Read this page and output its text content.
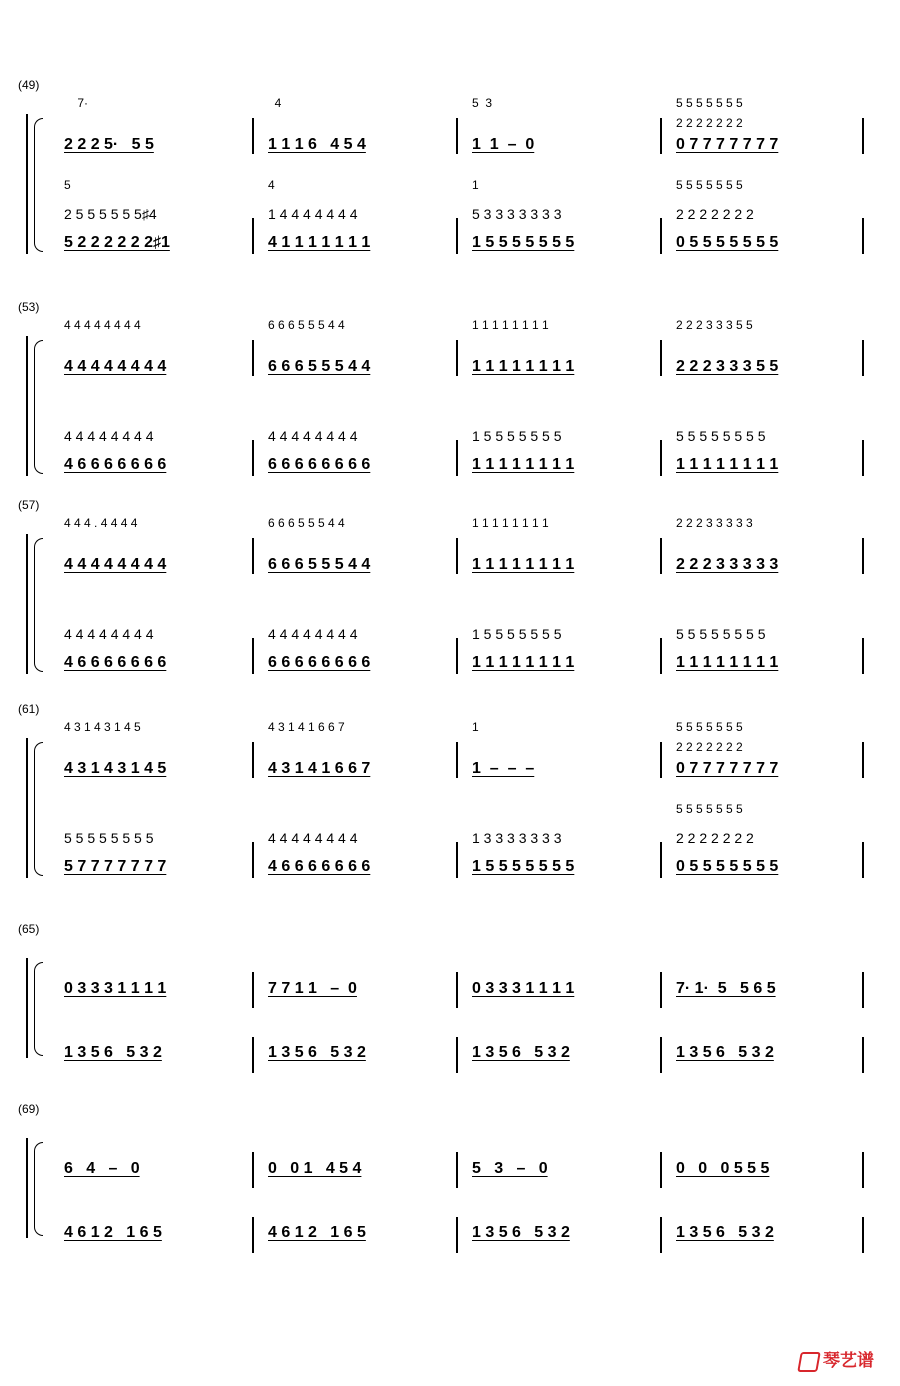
(49)
7·	4	5  3	5 5 5 5 5 5 5
2 2 2 2 2 2 2
2 2 2 5·   5 5	1 1 1 6   4 5 4	1  1  –  0	0 7 7 7 7 7 7 7
5	4	1	5 5 5 5 5 5 5
2 5 5 5 5 5 5♯4	1 4 4 4 4 4 4 4	5 3 3 3 3 3 3 3	2 2 2 2 2 2 2
5 2 2 2 2 2 2♯1	4 1 1 1 1 1 1 1	1 5 5 5 5 5 5 5	0 5 5 5 5 5 5 5
(53)
4 4 4 4 4 4 4 4	6 6 6 5 5 5 4 4	1 1 1 1 1 1 1 1	2 2 2 3 3 3 5 5
4 4 4 4 4 4 4 4	6 6 6 5 5 5 4 4	1 1 1 1 1 1 1 1	2 2 2 3 3 3 5 5
4 4 4 4 4 4 4 4	4 4 4 4 4 4 4 4	1 5 5 5 5 5 5 5	5 5 5 5 5 5 5 5
4 6 6 6 6 6 6 6	6 6 6 6 6 6 6 6	1 1 1 1 1 1 1 1	1 1 1 1 1 1 1 1
(57)
4 4 4 . 4 4 4 4	6 6 6 5 5 5 4 4	1 1 1 1 1 1 1 1	2 2 2 3 3 3 3 3
4 4 4 4 4 4 4 4	6 6 6 5 5 5 4 4	1 1 1 1 1 1 1 1	2 2 2 3 3 3 3 3
4 4 4 4 4 4 4 4	4 4 4 4 4 4 4 4	1 5 5 5 5 5 5 5	5 5 5 5 5 5 5 5
4 6 6 6 6 6 6 6	6 6 6 6 6 6 6 6	1 1 1 1 1 1 1 1	1 1 1 1 1 1 1 1
(61)
4 3 1 4 3 1 4 5	4 3 1 4 1 6 6 7	1	5 5 5 5 5 5 5
2 2 2 2 2 2 2
4 3 1 4 3 1 4 5	4 3 1 4 1 6 6 7	1  –  –  –	0 7 7 7 7 7 7 7
5 5 5 5 5 5 5
5 5 5 5 5 5 5 5	4 4 4 4 4 4 4 4	1 3 3 3 3 3 3 3	2 2 2 2 2 2 2
5 7 7 7 7 7 7 7	4 6 6 6 6 6 6 6	1 5 5 5 5 5 5 5	0 5 5 5 5 5 5 5
(65)
0 3 3 3 1 1 1 1	7 7 1 1   –  0	0 3 3 3 1 1 1 1	7· 1·  5   5 6 5
1 3 5 6   5 3 2	1 3 5 6   5 3 2	1 3 5 6   5 3 2	1 3 5 6   5 3 2
(69)
6   4   –   0	0   0 1   4 5 4	5   3   –   0	0   0   0 5 5 5
4 6 1 2   1 6 5	4 6 1 2   1 6 5	1 3 5 6   5 3 2	1 3 5 6   5 3 2
琴艺谱
